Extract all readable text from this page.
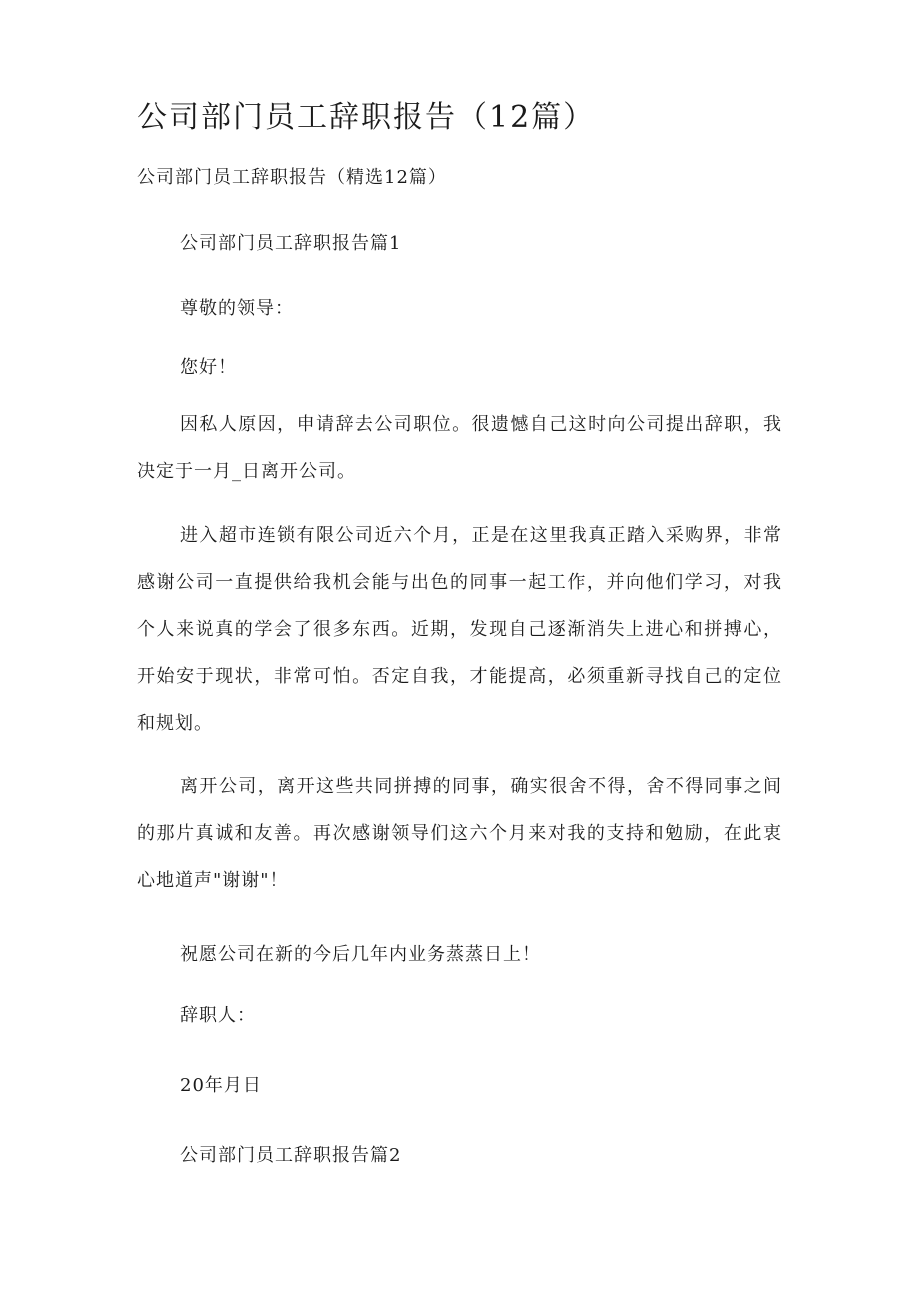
公司部门员工辞职报告（12篇）
公司部门员工辞职报告（精选12篇）
公司部门员工辞职报告篇1
尊敬的领导：
您好！

因私人原因，申请辞去公司职位。很遗憾自己这时向公司提出辞职，我决定于一月_日离开公司。

进入超市连锁有限公司近六个月，正是在这里我真正踏入采购界，非常感谢公司一直提供给我机会能与出色的同事一起工作，并向他们学习，对我个人来说真的学会了很多东西。近期，发现自己逐渐消失上进心和拼搏心，开始安于现状，非常可怕。否定自我，才能提高，必须重新寻找自己的定位和规划。

离开公司，离开这些共同拼搏的同事，确实很舍不得，舍不得同事之间的那片真诚和友善。再次感谢领导们这六个月来对我的支持和勉励，在此衷心地道声"谢谢"！

祝愿公司在新的今后几年内业务蒸蒸日上！
辞职人：
20年月日
公司部门员工辞职报告篇2
